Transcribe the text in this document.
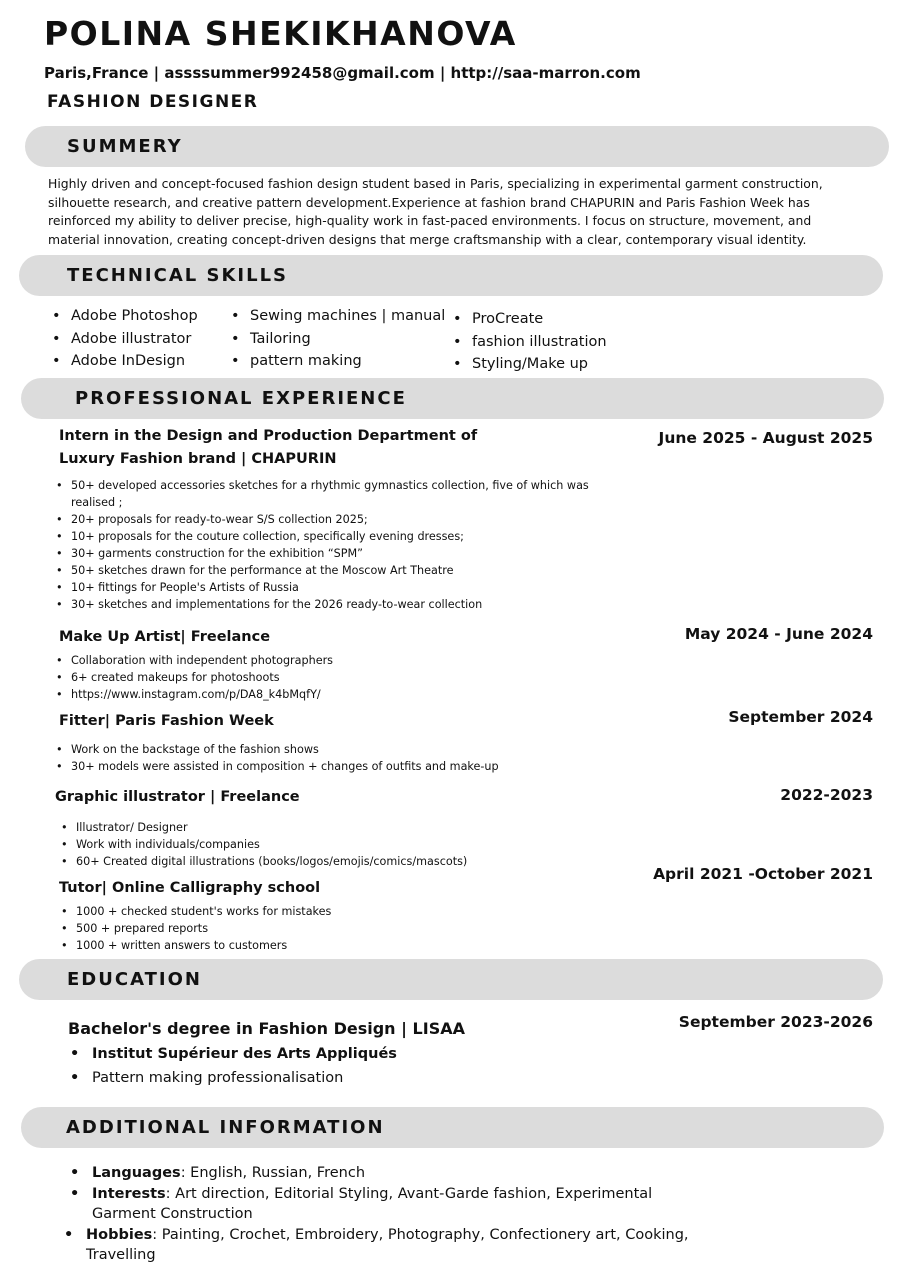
POLINA SHEKIKHANOVA
Paris,France | assssummer992458@gmail.com | http://saa-marron.com
FASHION DESIGNER
SUMMERY
Highly driven and concept-focused fashion design student based in Paris, specializing in experimental garment construction, silhouette research, and creative pattern development.Experience at fashion brand CHAPURIN and Paris Fashion Week has reinforced my ability to deliver precise, high-quality work in fast-paced environments. I focus on structure, movement, and material innovation, creating concept-driven designs that merge craftsmanship with a clear, contemporary visual identity.
TECHNICAL SKILLS
• Adobe Photoshop
• Adobe illustrator
• Adobe InDesign
• Sewing machines | manual
• Tailoring
• pattern making
• ProCreate
• fashion illustration
• Styling/Make up
PROFESSIONAL EXPERIENCE
Intern in the Design and Production Department of
Luxury Fashion brand | CHAPURIN
June 2025 - August 2025
• 50+ developed accessories sketches for a rhythmic gymnastics collection, five of which was realised ;
• 20+ proposals for ready-to-wear S/S collection 2025;
• 10+ proposals for the couture collection, specifically evening dresses;
• 30+ garments construction for the exhibition “SPM”
• 50+ sketches drawn for the performance at the Moscow Art Theatre
• 10+ fittings for People's Artists of Russia
• 30+ sketches and implementations for the 2026 ready-to-wear collection
Make Up Artist| Freelance	May 2024 - June 2024
• Collaboration with independent photographers
• 6+ created makeups for photoshoots
• https://www.instagram.com/p/DA8_k4bMqfY/
Fitter| Paris Fashion Week	September 2024
• Work on the backstage of the fashion shows
• 30+ models were assisted in composition + changes of outfits and make-up
Graphic illustrator | Freelance	2022-2023
• Illustrator/ Designer
• Work with individuals/companies
• 60+ Created digital illustrations (books/logos/emojis/comics/mascots)
Tutor| Online Calligraphy school
April 2021 -October 2021
• 1000 + checked student's works for mistakes
• 500 + prepared reports
• 1000 + written answers to customers
EDUCATION
Bachelor's degree in Fashion Design | LISAA	September 2023-2026
• Institut Supérieur des Arts Appliqués
• Pattern making professionalisation
ADDITIONAL INFORMATION
• Languages: English, Russian, French
• Interests: Art direction, Editorial Styling, Avant-Garde fashion, Experimental Garment Construction
• Hobbies: Painting, Crochet, Embroidery, Photography, Confectionery art, Cooking, Travelling
